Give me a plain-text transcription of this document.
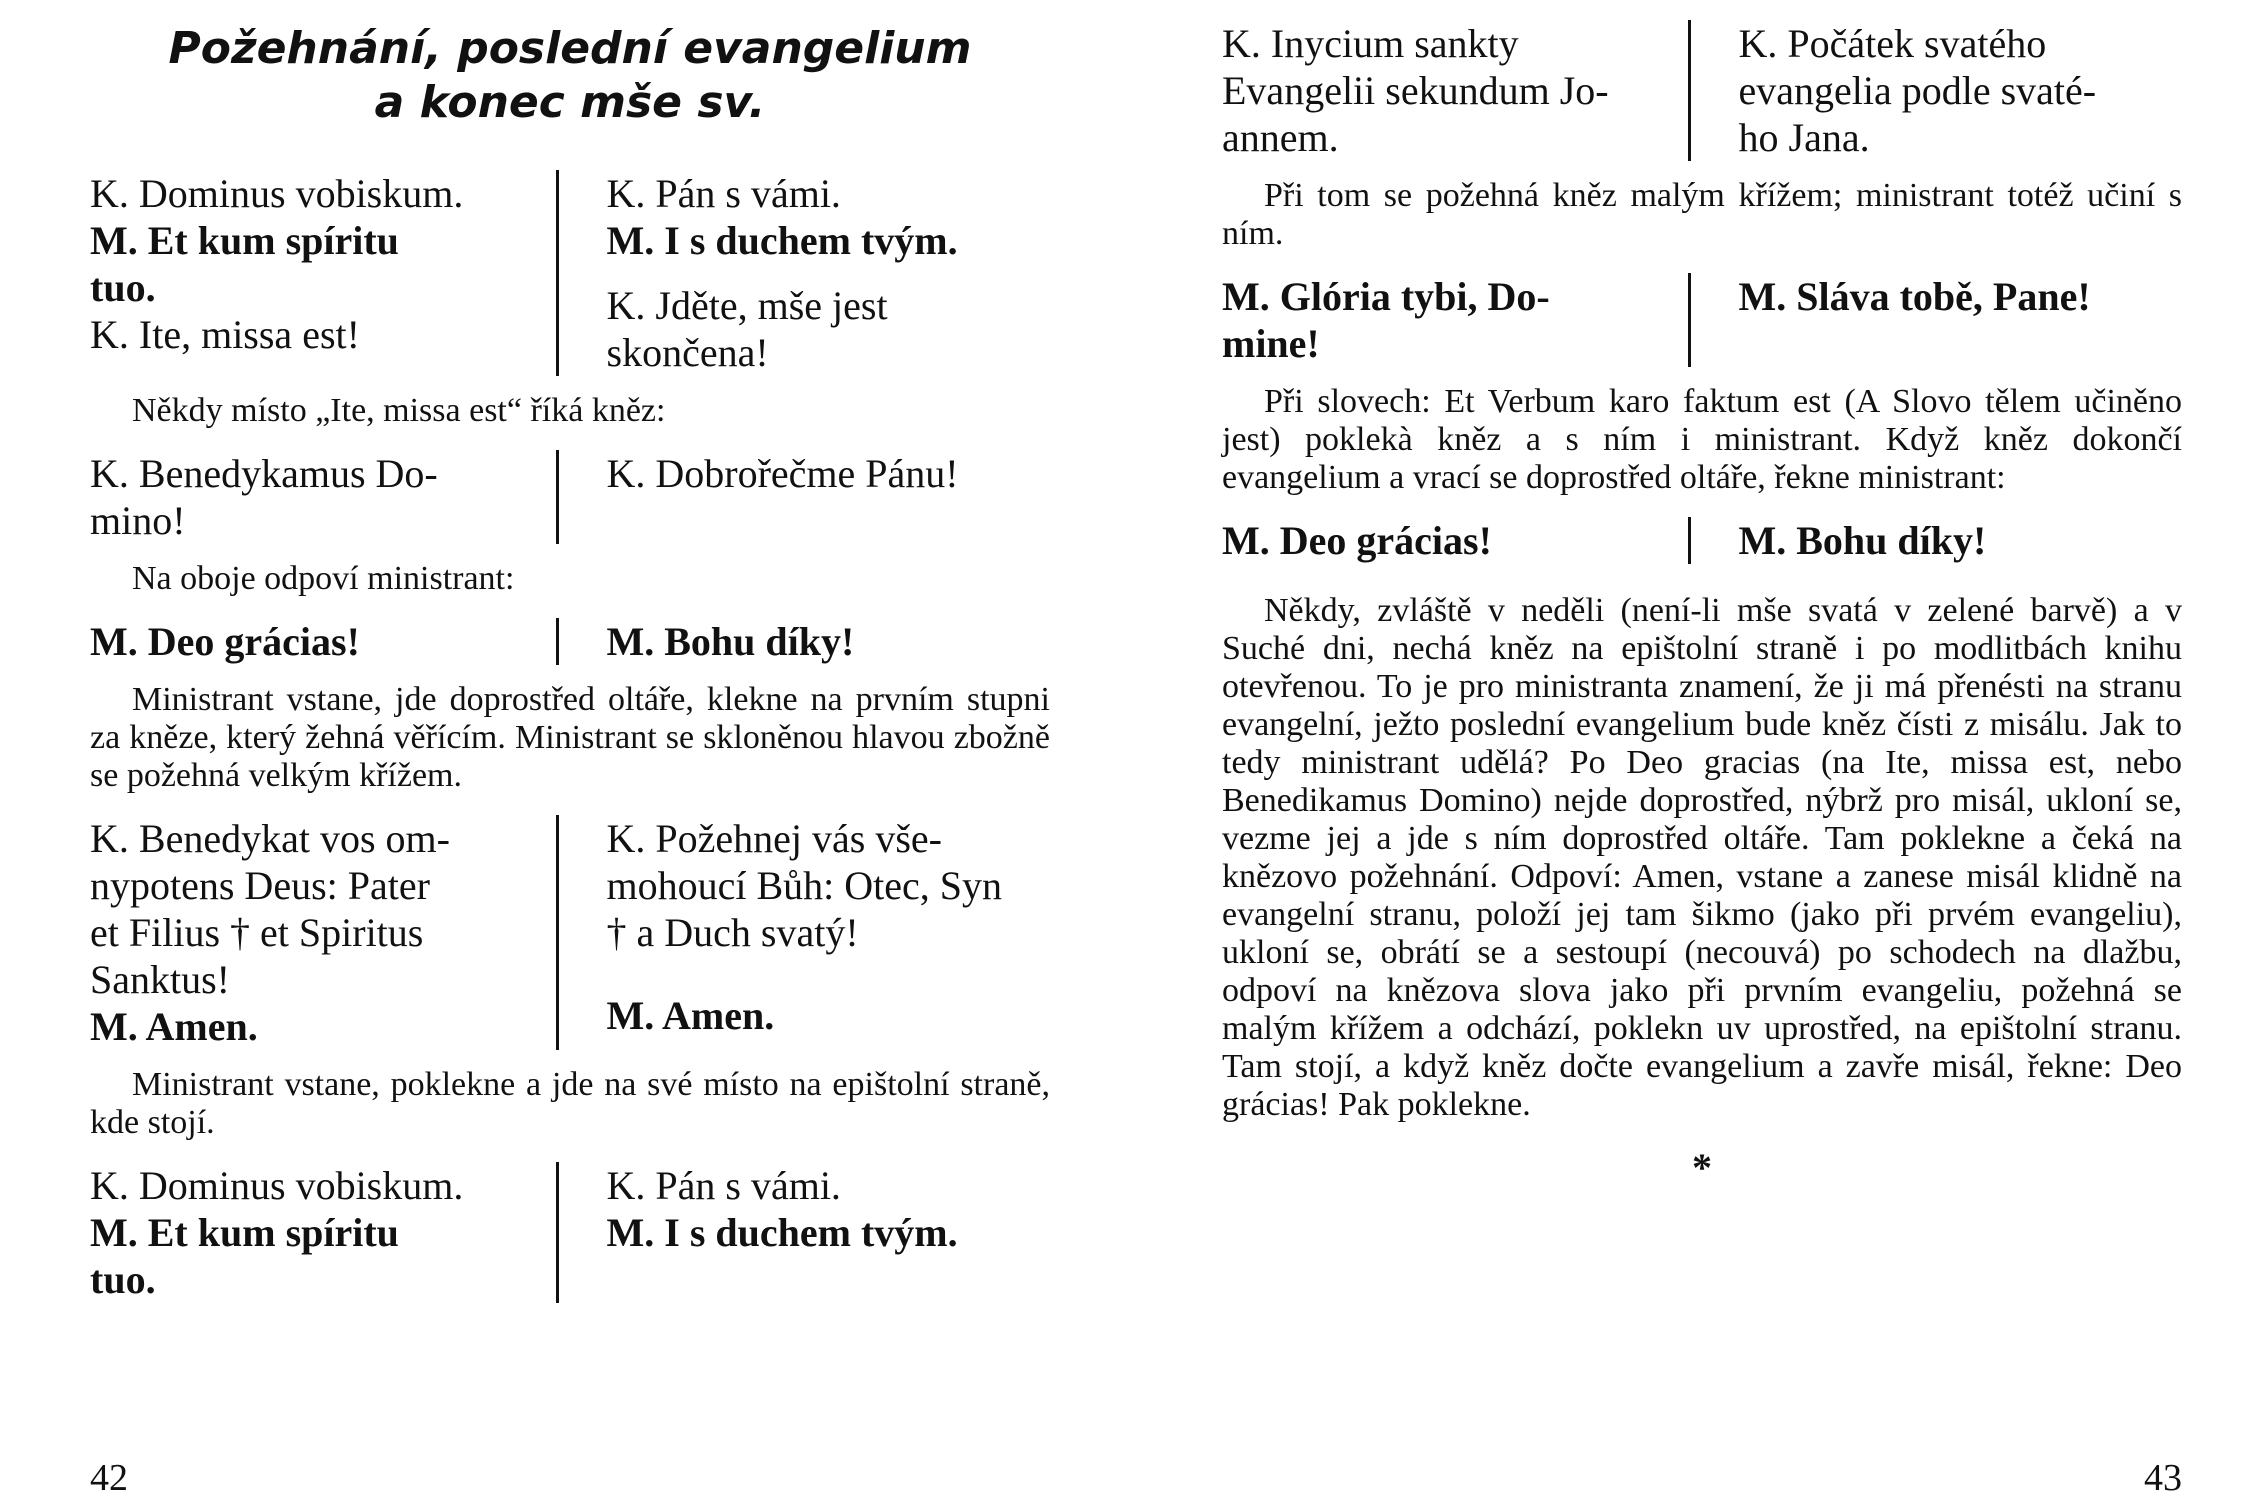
Požehnání, poslední evangelium
a konec mše sv.
K. Dominus vobiskum.
M. Et kum spíritu
tuo.
K. Ite, missa est!
K. Pán s vámi.
M. I s duchem tvým.
K. Jděte, mše jest
skončena!

Někdy místo „Ite, missa est“ říká kněz:

K. Benedykamus Do-
mino!
K. Dobrořečme Pánu!

Na oboje odpoví ministrant:

M. Deo grácias!	M. Bohu díky!

Ministrant vstane, jde doprostřed oltáře, klekne na prvním stupni za kněze, který žehná věřícím. Ministrant se skloněnou hlavou zbožně se požehná velkým křížem.

K. Benedykat vos om-
nypotens Deus: Pater
et Filius † et Spiritus
Sanktus!
M. Amen.
K. Požehnej vás vše-
mohoucí Bůh: Otec, Syn
† a Duch svatý!
M. Amen.

Ministrant vstane, poklekne a jde na své místo na epištolní straně, kde stojí.

K. Dominus vobiskum.
M. Et kum spíritu
tuo.
K. Pán s vámi.
M. I s duchem tvým.
42
K. Inycium sankty
Evangelii sekundum Jo-
annem.
K. Počátek svatého
evangelia podle svaté-
ho Jana.

Při tom se požehná kněz malým křížem; ministrant totéž učiní s ním.

M. Glória tybi, Do-
mine!
M. Sláva tobě, Pane!

Při slovech: Et Verbum karo faktum est (A Slovo tělem učiněno jest) poklekà kněz a s ním i ministrant. Když kněz dokončí evangelium a vrací se doprostřed oltáře, řekne ministrant:

M. Deo grácias!	M. Bohu díky!

Někdy, zvláště v neděli (není-li mše svatá v zelené barvě) a v Suché dni, nechá kněz na epištolní straně i po modlitbách knihu otevřenou. To je pro ministranta znamení, že ji má přenésti na stranu evangelní, ježto poslední evangelium bude kněz čísti z misálu. Jak to tedy ministrant udělá? Po Deo gracias (na Ite, missa est, nebo Benedikamus Domino) nejde doprostřed, nýbrž pro misál, ukloní se, vezme jej a jde s ním doprostřed oltáře. Tam poklekne a čeká na knězovo požehnání. Odpoví: Amen, vstane a zanese misál klidně na evangelní stranu, položí jej tam šikmo (jako při prvém evangeliu), ukloní se, obrátí se a sestoupí (necouvá) po schodech na dlažbu, odpoví na knězova slova jako při prvním evangeliu, požehná se malým křížem a odchází, poklekn uv uprostřed, na epištolní stranu. Tam stojí, a když kněz dočte evangelium a zavře misál, řekne: Deo grácias! Pak poklekne.

*
43
